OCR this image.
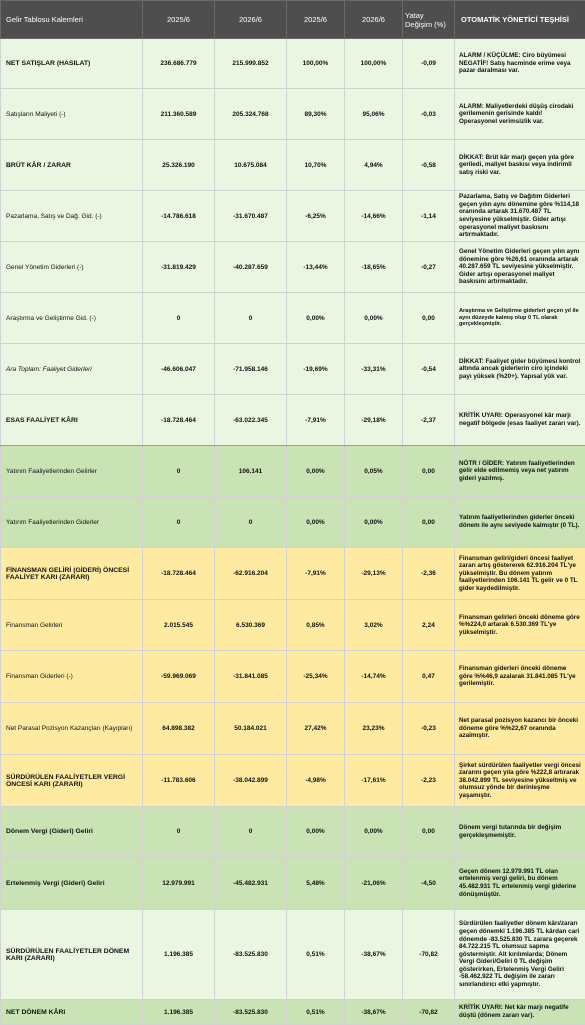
Gelir Tablosu Kalemleri	2025/6	2026/6	2025/6	2026/6	Yatay Değişim (%)	OTOMATİK YÖNETİCİ TEŞHİSİ
NET SATIŞLAR (HASILAT)	236.686.779	215.999.852	100,00%	100,00%	-0,09	ALARM / KÜÇÜLME: Ciro büyümesi NEGATİF! Satış hacminde erime veya pazar daralması var.
Satışların Maliyeti (-)	211.360.589	205.324.768	89,30%	95,06%	-0,03	ALARM: Maliyetlerdeki düşüş cirodaki gerilemenin gerisinde kaldı! Operasyonel verimsizlik var.
BRÜT KÂR / ZARAR	25.326.190	10.675.084	10,70%	4,94%	-0,58	DİKKAT: Brüt kâr marjı geçen yıla göre geriledi, maliyet baskısı veya indirimli satış riski var.
Pazarlama, Satış ve Dağ. Gid. (-)	-14.786.618	-31.670.487	-6,25%	-14,66%	-1,14	Pazarlama, Satış ve Dağıtım Giderleri geçen yılın aynı dönemine göre %114,18 oranında artarak 31.670.487 TL seviyesine yükselmiştir. Gider artışı operasyonel maliyet baskısını artırmaktadır.
Genel Yönetim Giderleri (-)	-31.819.429	-40.287.659	-13,44%	-18,65%	-0,27	Genel Yönetim Giderleri geçen yılın aynı dönemine göre %26,61 oranında artarak 40.287.659 TL seviyesine yükselmiştir. Gider artışı operasyonel maliyet baskısını artırmaktadır.
Araştırma ve Geliştirme Gid. (-)	0	0	0,00%	0,00%	0,00	Araştırma ve Geliştirme giderleri geçen yıl ile aynı düzeyde kalmış olup 0 TL olarak gerçekleşmiştir.
Ara Toplam: Faaliyet Giderleri	-46.606.047	-71.958.146	-19,69%	-33,31%	-0,54	DİKKAT: Faaliyet gider büyümesi kontrol altında ancak giderlerin ciro içindeki payı yüksek (%20+). Yapısal yük var.
ESAS FAALİYET KÂRI	-18.728.464	-63.022.345	-7,91%	-29,18%	-2,37	KRİTİK UYARI: Operasyonel kâr marjı negatif bölgede (esas faaliyet zararı var).
Yatırım Faaliyetlerinden Gelirler	0	106.141	0,00%	0,05%	0,00	NÖTR / GİDER: Yatırım faaliyetlerinden gelir elde edilmemiş veya net yatırım gideri yazılmış.
Yatırım Faaliyetlerinden Giderler	0	0	0,00%	0,00%	0,00	Yatırım faaliyetlerinden giderler önceki dönem ile aynı seviyede kalmıştır (0 TL).
FİNANSMAN GELİRİ (GİDERİ) ÖNCESİ FAALİYET KARI (ZARARI)	-18.728.464	-62.916.204	-7,91%	-29,13%	-2,36	Finansman geliri/gideri öncesi faaliyet zararı artış göstererek 62.916.204 TL'ye yükselmiştir. Bu dönem yatırım faaliyetlerinden 106.141 TL gelir ve 0 TL gider kaydedilmiştir.
Finansman Gelirleri	2.015.545	6.530.369	0,85%	3,02%	2,24	Finansman gelirleri önceki döneme göre %%224,0 artarak 6.530.369 TL'ye yükselmiştir.
Finansman Giderleri (-)	-59.969.069	-31.841.085	-25,34%	-14,74%	0,47	Finansman giderleri önceki döneme göre %%46,9 azalarak 31.841.085 TL'ye gerilemiştir.
Net Parasal Pozisyon Kazançları (Kayıpları)	64.898.382	50.184.021	27,42%	23,23%	-0,23	Net parasal pozisyon kazancı bir önceki döneme göre %%22,67 oranında azalmıştır.
SÜRDÜRÜLEN FAALİYETLER VERGİ ÖNCESİ KARI (ZARARI)	-11.783.606	-38.042.899	-4,98%	-17,61%	-2,23	Şirket sürdürülen faaliyetler vergi öncesi zararını geçen yıla göre %222,8 artırarak 38.042.899 TL seviyesine yükseltmiş ve olumsuz yönde bir derinleşme yaşamıştır.
Dönem Vergi (Gideri) Geliri	0	0	0,00%	0,00%	0,00	Dönem vergi tutarında bir değişim gerçekleşmemiştir.
Ertelenmiş Vergi (Gideri) Geliri	12.979.991	-45.482.931	5,48%	-21,06%	-4,50	Geçen dönem 12.979.991 TL olan ertelenmiş vergi geliri, bu dönem 45.482.931 TL ertelenmiş vergi giderine dönüşmüştür.
SÜRDÜRÜLEN FAALİYETLER DÖNEM KARI (ZARARI)	1.196.385	-83.525.830	0,51%	-38,67%	-70,82	Sürdürülen faaliyetler dönem kârı/zararı geçen dönemki 1.196.385 TL kârdan cari dönemde -83.525.830 TL zarara geçerek 84.722.215 TL olumsuz sapma göstermiştir. Alt kırılımlarda; Dönem Vergi Gideri/Geliri 0 TL değişim gösterirken, Ertelenmiş Vergi Geliri -58.462.922 TL değişim ile zararı sınırlandırıcı etki yapmıştır.
NET DÖNEM KÂRI	1.196.385	-83.525.830	0,51%	-38,67%	-70,82	KRİTİK UYARI: Net kâr marjı negatife düştü (dönem zararı var).
